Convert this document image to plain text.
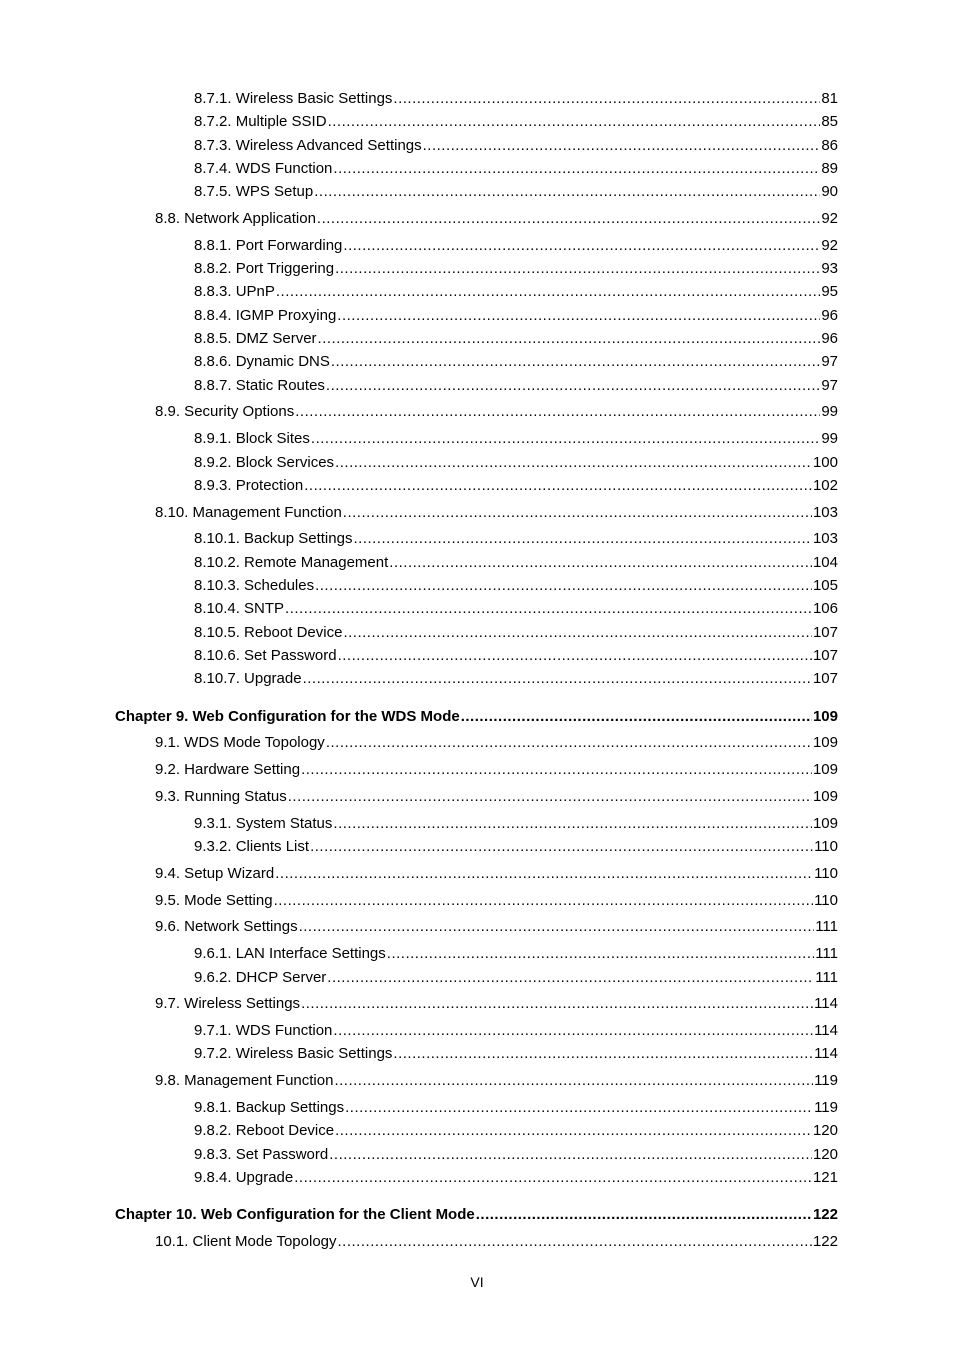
8.7.1. Wireless Basic Settings .....	81
8.7.2. Multiple SSID .....	85
8.7.3. Wireless Advanced Settings .....	86
8.7.4. WDS Function .....	89
8.7.5. WPS Setup .....	90
8.8. Network Application .....	92
8.8.1. Port Forwarding .....	92
8.8.2. Port Triggering .....	93
8.8.3. UPnP .....	95
8.8.4. IGMP Proxying .....	96
8.8.5. DMZ Server .....	96
8.8.6. Dynamic DNS .....	97
8.8.7. Static Routes .....	97
8.9. Security Options .....	99
8.9.1. Block Sites .....	99
8.9.2. Block Services .....	100
8.9.3. Protection .....	102
8.10. Management Function .....	103
8.10.1. Backup Settings .....	103
8.10.2. Remote Management .....	104
8.10.3. Schedules .....	105
8.10.4. SNTP .....	106
8.10.5. Reboot Device .....	107
8.10.6. Set Password .....	107
8.10.7. Upgrade .....	107
Chapter 9. Web Configuration for the WDS Mode .....	109
9.1. WDS Mode Topology .....	109
9.2. Hardware Setting .....	109
9.3. Running Status .....	109
9.3.1. System Status .....	109
9.3.2. Clients List .....	110
9.4. Setup Wizard .....	110
9.5. Mode Setting .....	110
9.6. Network Settings .....	111
9.6.1. LAN Interface Settings .....	111
9.6.2. DHCP Server .....	111
9.7. Wireless Settings .....	114
9.7.1. WDS Function .....	114
9.7.2. Wireless Basic Settings .....	114
9.8. Management Function .....	119
9.8.1. Backup Settings .....	119
9.8.2. Reboot Device .....	120
9.8.3. Set Password .....	120
9.8.4. Upgrade .....	121
Chapter 10. Web Configuration for the Client Mode .....	122
10.1. Client Mode Topology .....	122
VI
